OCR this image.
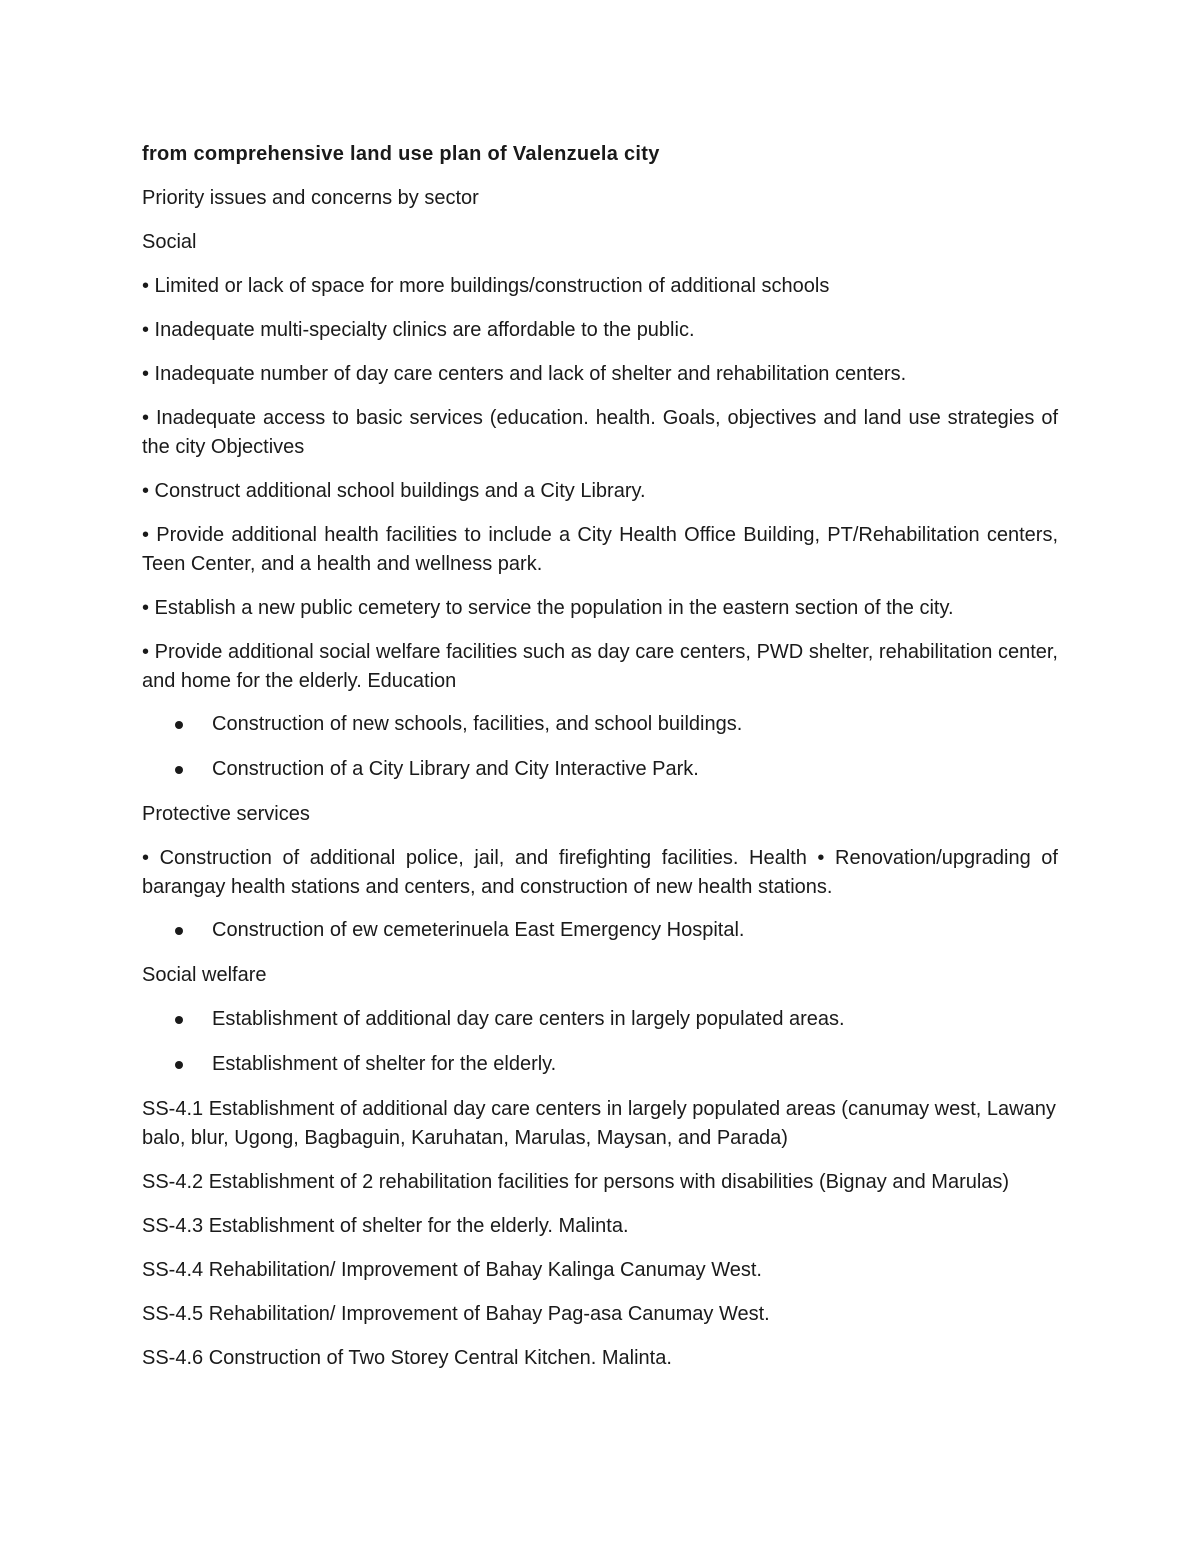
from comprehensive land use plan of Valenzuela city

Priority issues and concerns by sector

Social

• Limited or lack of space for more buildings/construction of additional schools

• Inadequate multi-specialty clinics are affordable to the public.

• Inadequate number of day care centers and lack of shelter and rehabilitation centers.

• Inadequate access to basic services (education. health. Goals, objectives and land use strategies of the city Objectives

• Construct additional school buildings and a City Library.

• Provide additional health facilities to include a City Health Office Building, PT/Rehabilitation centers, Teen Center, and a health and wellness park.

• Establish a new public cemetery to service the population in the eastern section of the city.

• Provide additional social welfare facilities such as day care centers, PWD shelter, rehabilitation center, and home for the elderly. Education

Construction of new schools, facilities, and school buildings.
Construction of a City Library and City Interactive Park.

Protective services

• Construction of additional police, jail, and firefighting facilities. Health • Renovation/upgrading of barangay health stations and centers, and construction of new health stations.

Construction of ew cemeterinuela East Emergency Hospital.

Social welfare

Establishment of additional day care centers in largely populated areas.
Establishment of shelter for the elderly.

SS-4.1 Establishment of additional day care centers in largely populated areas (canumay west, Lawany balo, blur, Ugong, Bagbaguin, Karuhatan, Marulas, Maysan, and Parada)

SS-4.2 Establishment of 2 rehabilitation facilities for persons with disabilities (Bignay and Marulas)

SS-4.3 Establishment of shelter for the elderly. Malinta.

SS-4.4 Rehabilitation/ Improvement of Bahay Kalinga Canumay West.

SS-4.5 Rehabilitation/ Improvement of Bahay Pag-asa Canumay West.

SS-4.6 Construction of Two Storey Central Kitchen. Malinta.
